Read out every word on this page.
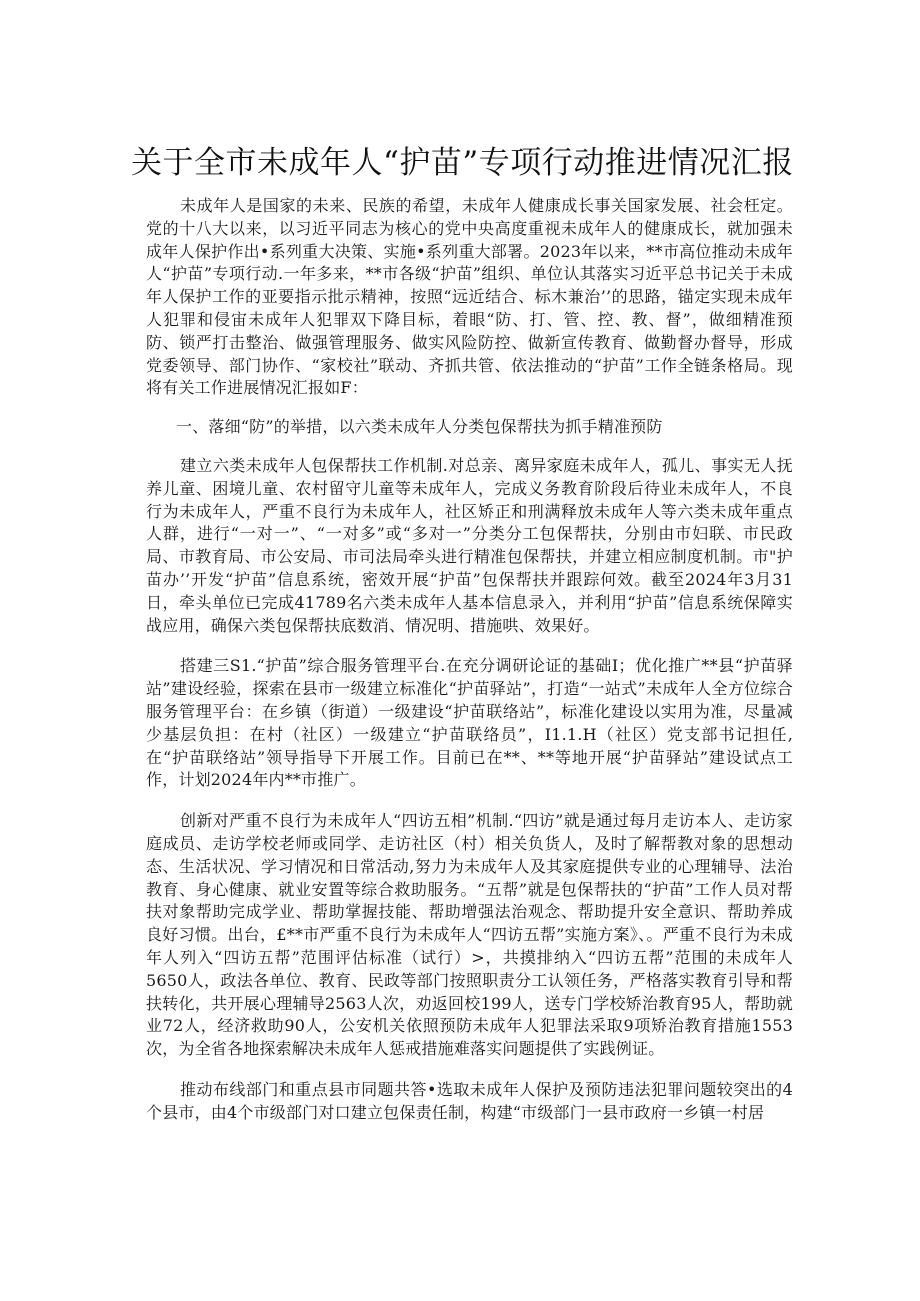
关于全市未成年人“护苗”专项行动推进情况汇报

未成年人是国家的未来、民族的希望，未成年人健康成长事关国家发展、社会枉定。党的十八大以来，以习近平同志为核心的党中央高度重视未成年人的健康成长，就加强未成年人保护作出•系列重大决策、实施•系列重大部署。2023年以来，**市高位推动未成年人“护苗”专项行动.一年多来，**市各级“护苗”组织、单位认其落实习近平总书记关于未成年人保护工作的亚要指示批示精神，按照“远近结合、标木兼治’’的思路，锚定实现未成年人犯罪和侵宙未成年人犯罪双下降目标，着眼“防、打、管、控、教、督”，做细精准预防、锁严打击整治、做强管理服务、做实风险防控、做新宣传教育、做勤督办督导，形成党委领导、部门协作、“家校社”联动、齐抓共管、依法推动的“护苗”工作全链条格局。现将有关工作进展情况汇报如F：

一、落细“防”的举措，以六类未成年人分类包保帮扶为抓手精准预防

建立六类未成年人包保帮扶工作机制.对总亲、离异家庭未成年人，孤儿、事实无人抚养儿童、困境儿童、农村留守儿童等未成年人，完成义务教育阶段后待业未成年人，不良行为未成年人，严重不良行为未成年人，社区矫正和刑满释放未成年人等六类未成年重点人群，进行“一对一”、“一对多”或“多对一”分类分工包保帮扶，分别由市妇联、市民政局、市教育局、市公安局、市司法局牵头进行精准包保帮扶，并建立相应制度机制。市"护苗办’’开发“护苗”信息系统，密效开展“护苗”包保帮扶并跟踪何效。截至2024年3月31日，牵头单位已完成41789名六类未成年人基本信息录入，并利用“护苗”信息系统保障实战应用，确保六类包保帮扶底数消、情况明、措施哄、效果好。

搭建三S1.“护苗”综合服务管理平台.在充分调研论证的基础I；优化推广**县“护苗驿站”建设经验，探索在县市一级建立标准化“护苗驿站”，打造“一站式”未成年人全方位综合服务管理平台：在乡镇（街道）一级建设“护苗联络站”，标准化建设以实用为准，尽量减少基层负担：在村（社区）一级建立“护苗联络员”，I1.1.H（社区）党支部书记担任,在“护苗联络站”领导指导下开展工作。目前已在**、**等地开展“护苗驿站”建设试点工作，计划2024年内**市推广。

创新对严重不良行为未成年人“四访五相”机制.“四访”就是通过每月走访本人、走访家庭成员、走访学校老师或同学、走访社区（村）相关负货人，及时了解帮教对象的思想动态、生活状况、学习情况和日常活动,努力为未成年人及其家庭提供专业的心理辅导、法治教育、身心健康、就业安置等综合救助服务。“五帮”就是包保帮扶的“护苗”工作人员对帮扶对象帮助完成学业、帮助掌握技能、帮助增强法治观念、帮助提升安全意识、帮助养成良好习惯。出台，£**市严重不良行为未成年人“四访五帮”实施方案》、。严重不良行为未成年人列入“四访五帮”范围评估标准（试行）>，共摸排纳入“四访五帮”范围的未成年人5650人，政法各单位、教育、民政等部门按照职责分工认领任务，严格落实教育引导和帮扶转化，共开展心理辅导2563人次，劝返回校199人，送专门学校矫治教育95人，帮助就业72人，经济救助90人，公安机关依照预防未成年人犯罪法采取9项矫治教育措施1553次，为全省各地探索解决未成年人惩戒措施难落实问题提供了实践例证。

推动布线部门和重点县市同题共答•选取未成年人保护及预防违法犯罪问题较突出的4个县市，由4个市级部门对口建立包保责任制，构建“市级部门一县市政府一乡镇一村居
